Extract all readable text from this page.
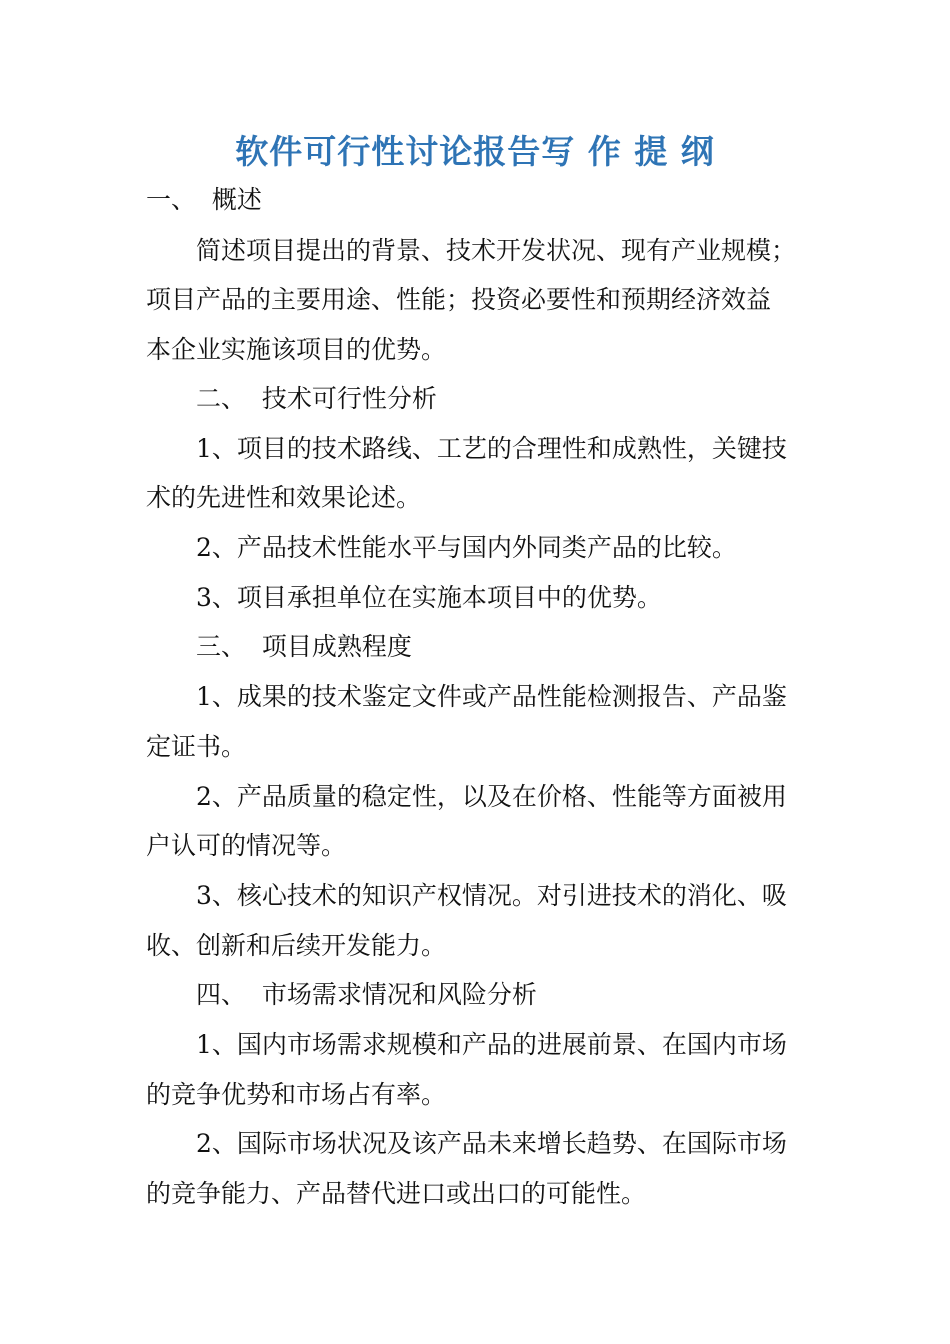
软件可行性讨论报告写 作 提 纲

一、  概述

简述项目提出的背景、技术开发状况、现有产业规模；

项目产品的主要用途、性能；投资必要性和预期经济效益

本企业实施该项目的优势。

二、  技术可行性分析

1、项目的技术路线、工艺的合理性和成熟性，关键技

术的先进性和效果论述。

2、产品技术性能水平与国内外同类产品的比较。

3、项目承担单位在实施本项目中的优势。

三、  项目成熟程度

1、成果的技术鉴定文件或产品性能检测报告、产品鉴

定证书。

2、产品质量的稳定性，以及在价格、性能等方面被用

户认可的情况等。

3、核心技术的知识产权情况。对引进技术的消化、吸

收、创新和后续开发能力。

四、  市场需求情况和风险分析

1、国内市场需求规模和产品的进展前景、在国内市场

的竞争优势和市场占有率。

2、国际市场状况及该产品未来增长趋势、在国际市场

的竞争能力、产品替代进口或出口的可能性。
